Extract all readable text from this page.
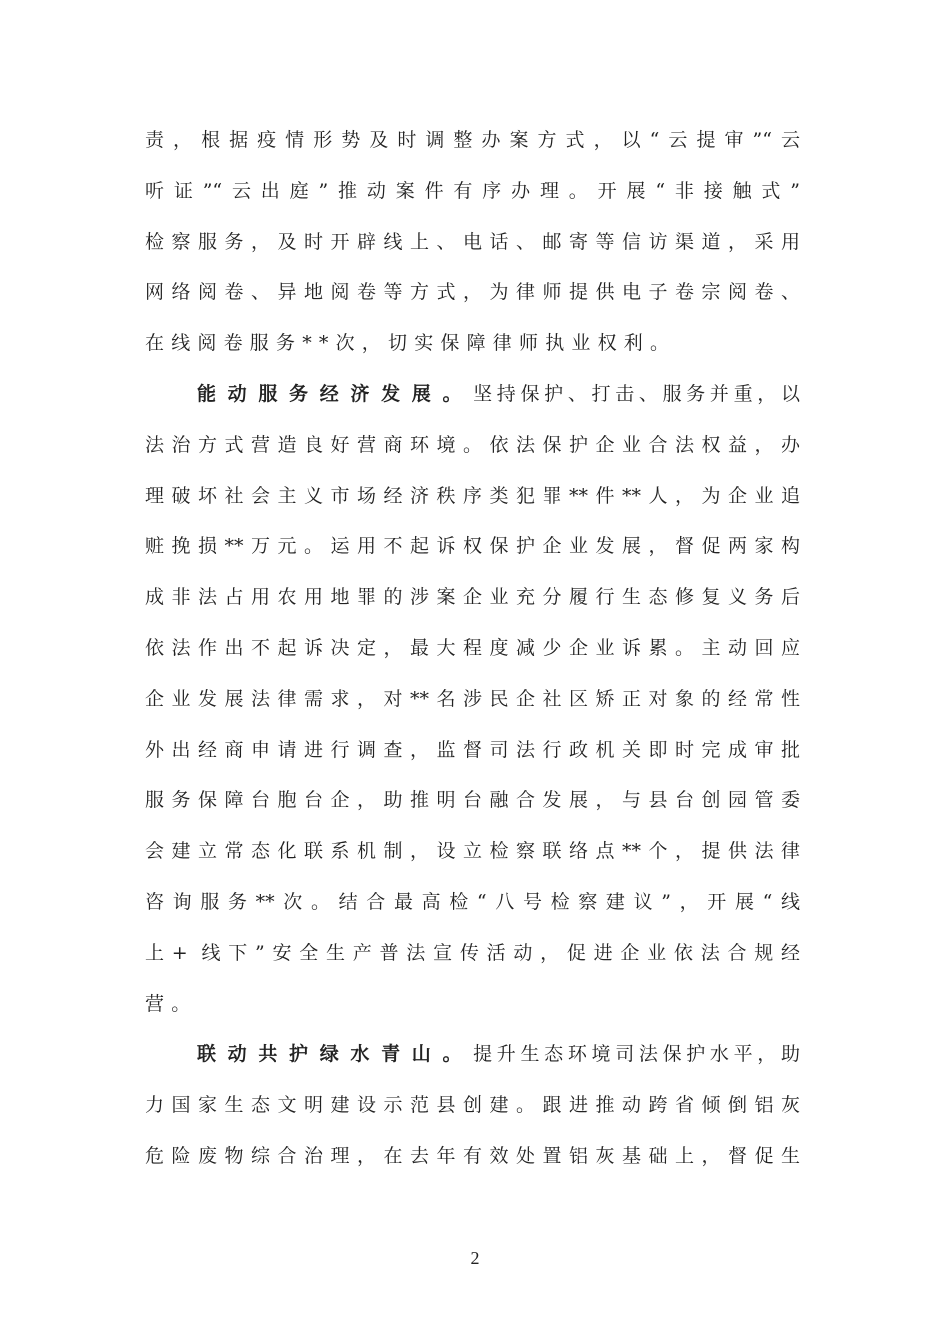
责，根据疫情形势及时调整办案方式，以“云提审”“云
听证”“云出庭”推动案件有序办理。开展“非接触式”
检察服务，及时开辟线上、电话、邮寄等信访渠道，采用
网络阅卷、异地阅卷等方式，为律师提供电子卷宗阅卷、
在线阅卷服务**次，切实保障律师执业权利。
能动服务经济发展。坚持保护、打击、服务并重，以
法治方式营造良好营商环境。依法保护企业合法权益，办
理破坏社会主义市场经济秩序类犯罪**件**人，为企业追
赃挽损**万元。运用不起诉权保护企业发展，督促两家构
成非法占用农用地罪的涉案企业充分履行生态修复义务后
依法作出不起诉决定，最大程度减少企业诉累。主动回应
企业发展法律需求，对**名涉民企社区矫正对象的经常性
外出经商申请进行调查，监督司法行政机关即时完成审批
服务保障台胞台企，助推明台融合发展，与县台创园管委
会建立常态化联系机制，设立检察联络点**个，提供法律
咨询服务**次。结合最高检“八号检察建议”，开展“线
上+ 线下”安全生产普法宣传活动，促进企业依法合规经
营。
联动共护绿水青山。提升生态环境司法保护水平，助
力国家生态文明建设示范县创建。跟进推动跨省倾倒铝灰
危险废物综合治理，在去年有效处置铝灰基础上，督促生
2
